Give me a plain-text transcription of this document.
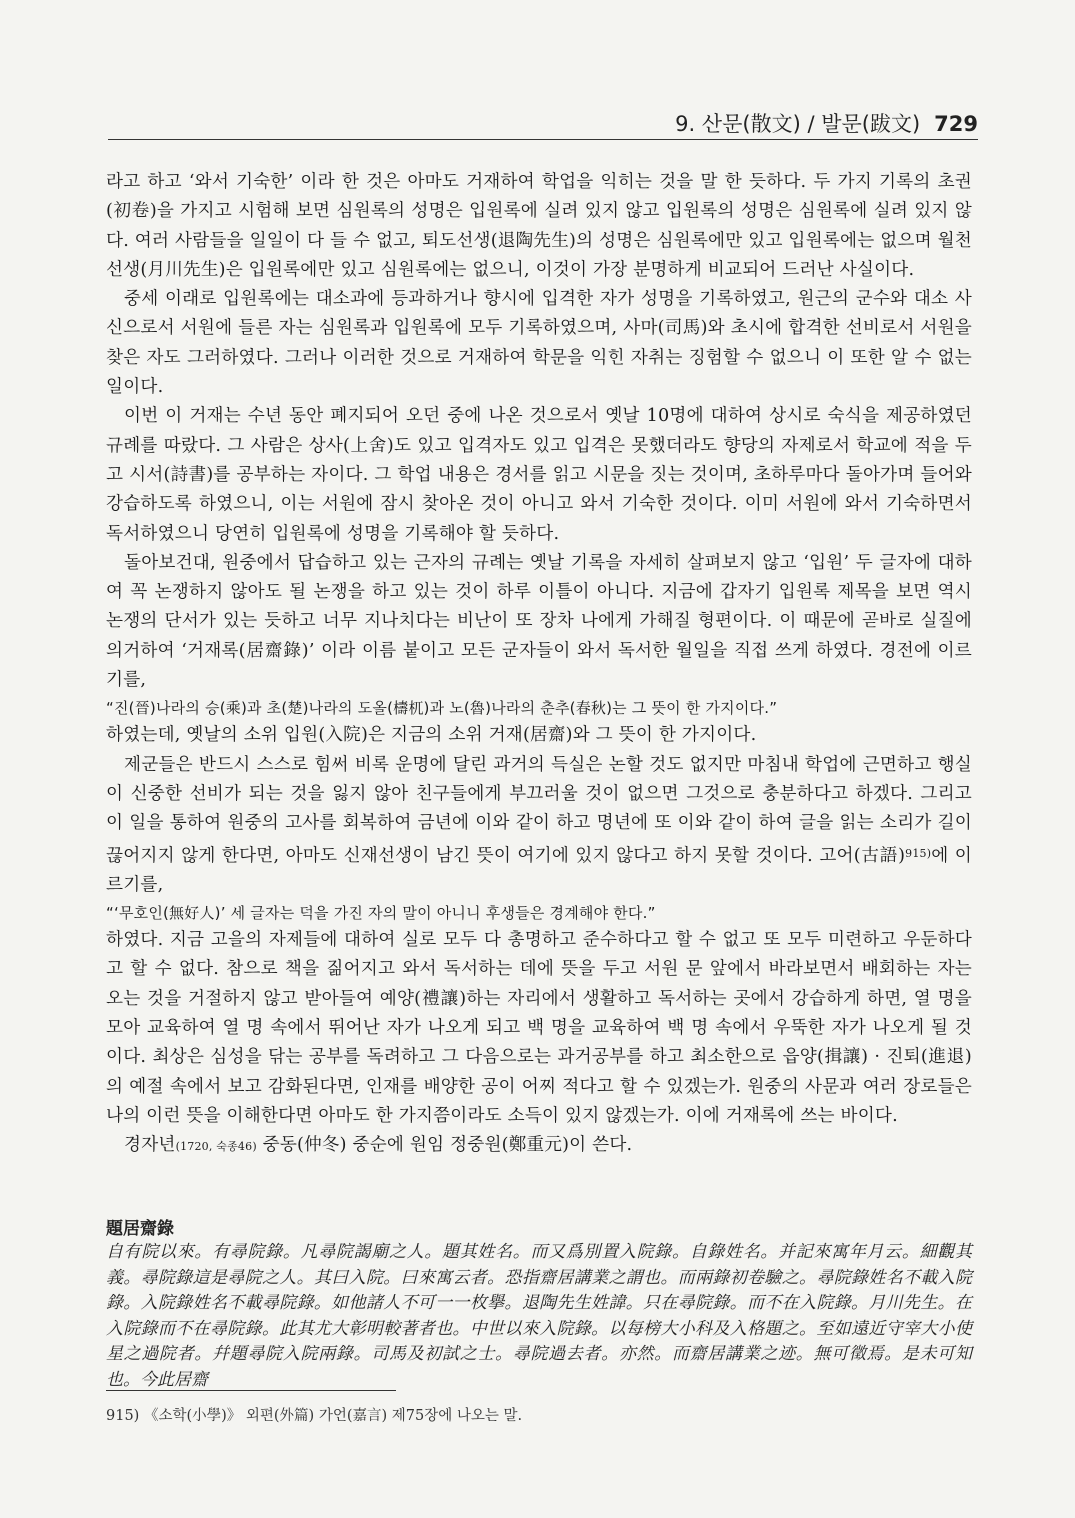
9. 산문(散文) / 발문(跋文) 729

라고 하고 ‘와서 기숙한’ 이라 한 것은 아마도 거재하여 학업을 익히는 것을 말 한 듯하다. 두 가지 기록의 초권(初卷)을 가지고 시험해 보면 심원록의 성명은 입원록에 실려 있지 않고 입원록의 성명은 심원록에 실려 있지 않다. 여러 사람들을 일일이 다 들 수 없고, 퇴도선생(退陶先生)의 성명은 심원록에만 있고 입원록에는 없으며 월천선생(月川先生)은 입원록에만 있고 심원록에는 없으니, 이것이 가장 분명하게 비교되어 드러난 사실이다.

중세 이래로 입원록에는 대소과에 등과하거나 향시에 입격한 자가 성명을 기록하였고, 원근의 군수와 대소 사신으로서 서원에 들른 자는 심원록과 입원록에 모두 기록하였으며, 사마(司馬)와 초시에 합격한 선비로서 서원을 찾은 자도 그러하였다. 그러나 이러한 것으로 거재하여 학문을 익힌 자취는 징험할 수 없으니 이 또한 알 수 없는 일이다.

이번 이 거재는 수년 동안 폐지되어 오던 중에 나온 것으로서 옛날 10명에 대하여 상시로 숙식을 제공하였던 규례를 따랐다. 그 사람은 상사(上舍)도 있고 입격자도 있고 입격은 못했더라도 향당의 자제로서 학교에 적을 두고 시서(詩書)를 공부하는 자이다. 그 학업 내용은 경서를 읽고 시문을 짓는 것이며, 초하루마다 돌아가며 들어와 강습하도록 하였으니, 이는 서원에 잠시 찾아온 것이 아니고 와서 기숙한 것이다. 이미 서원에 와서 기숙하면서 독서하였으니 당연히 입원록에 성명을 기록해야 할 듯하다.

돌아보건대, 원중에서 답습하고 있는 근자의 규례는 옛날 기록을 자세히 살펴보지 않고 ‘입원’ 두 글자에 대하여 꼭 논쟁하지 않아도 될 논쟁을 하고 있는 것이 하루 이틀이 아니다. 지금에 갑자기 입원록 제목을 보면 역시 논쟁의 단서가 있는 듯하고 너무 지나치다는 비난이 또 장차 나에게 가해질 형편이다. 이 때문에 곧바로 실질에 의거하여 ‘거재록(居齋錄)’ 이라 이름 붙이고 모든 군자들이 와서 독서한 월일을 직접 쓰게 하였다. 경전에 이르기를,

“진(晉)나라의 승(乘)과 초(楚)나라의 도올(檮杌)과 노(魯)나라의 춘추(春秋)는 그 뜻이 한 가지이다.”

하였는데, 옛날의 소위 입원(入院)은 지금의 소위 거재(居齋)와 그 뜻이 한 가지이다.

제군들은 반드시 스스로 힘써 비록 운명에 달린 과거의 득실은 논할 것도 없지만 마침내 학업에 근면하고 행실이 신중한 선비가 되는 것을 잃지 않아 친구들에게 부끄러울 것이 없으면 그것으로 충분하다고 하겠다. 그리고 이 일을 통하여 원중의 고사를 회복하여 금년에 이와 같이 하고 명년에 또 이와 같이 하여 글을 읽는 소리가 길이 끊어지지 않게 한다면, 아마도 신재선생이 남긴 뜻이 여기에 있지 않다고 하지 못할 것이다. 고어(古語)$^{915)}$에 이르기를,

“‘무호인(無好人)’ 세 글자는 덕을 가진 자의 말이 아니니 후생들은 경계해야 한다.”

하였다. 지금 고을의 자제들에 대하여 실로 모두 다 총명하고 준수하다고 할 수 없고 또 모두 미련하고 우둔하다고 할 수 없다. 참으로 책을 짊어지고 와서 독서하는 데에 뜻을 두고 서원 문 앞에서 바라보면서 배회하는 자는 오는 것을 거절하지 않고 받아들여 예양(禮讓)하는 자리에서 생활하고 독서하는 곳에서 강습하게 하면, 열 명을 모아 교육하여 열 명 속에서 뛰어난 자가 나오게 되고 백 명을 교육하여 백 명 속에서 우뚝한 자가 나오게 될 것이다. 최상은 심성을 닦는 공부를 독려하고 그 다음으로는 과거공부를 하고 최소한으로 읍양(揖讓) · 진퇴(進退)의 예절 속에서 보고 감화된다면, 인재를 배양한 공이 어찌 적다고 할 수 있겠는가. 원중의 사문과 여러 장로들은 나의 이런 뜻을 이해한다면 아마도 한 가지쯤이라도 소득이 있지 않겠는가. 이에 거재록에 쓰는 바이다.

경자년(1720, 숙종46) 중동(仲冬) 중순에 원임 정중원(鄭重元)이 쓴다.

題居齋錄
自有院以來。有尋院錄。凡尋院謁廟之人。題其姓名。而又爲別置入院錄。自錄姓名。并記來寓年月云。細觀其義。尋院錄這是尋院之人。其曰入院。曰來寓云者。恐指齋居講業之謂也。而兩錄初卷驗之。尋院錄姓名不載入院錄。入院錄姓名不載尋院錄。如他諸人不可一一枚擧。退陶先生姓諱。只在尋院錄。而不在入院錄。月川先生。在入院錄而不在尋院錄。此其尤大彰明較著者也。中世以來入院錄。以每榜大小科及入格題之。至如遠近守宰大小使星之過院者。幷題尋院入院兩錄。司馬及初試之士。尋院過去者。亦然。而齋居講業之迹。無可徵焉。是未可知也。今此居齋
915) 《소학(小學)》 외편(外篇) 가언(嘉言) 제75장에 나오는 말.
